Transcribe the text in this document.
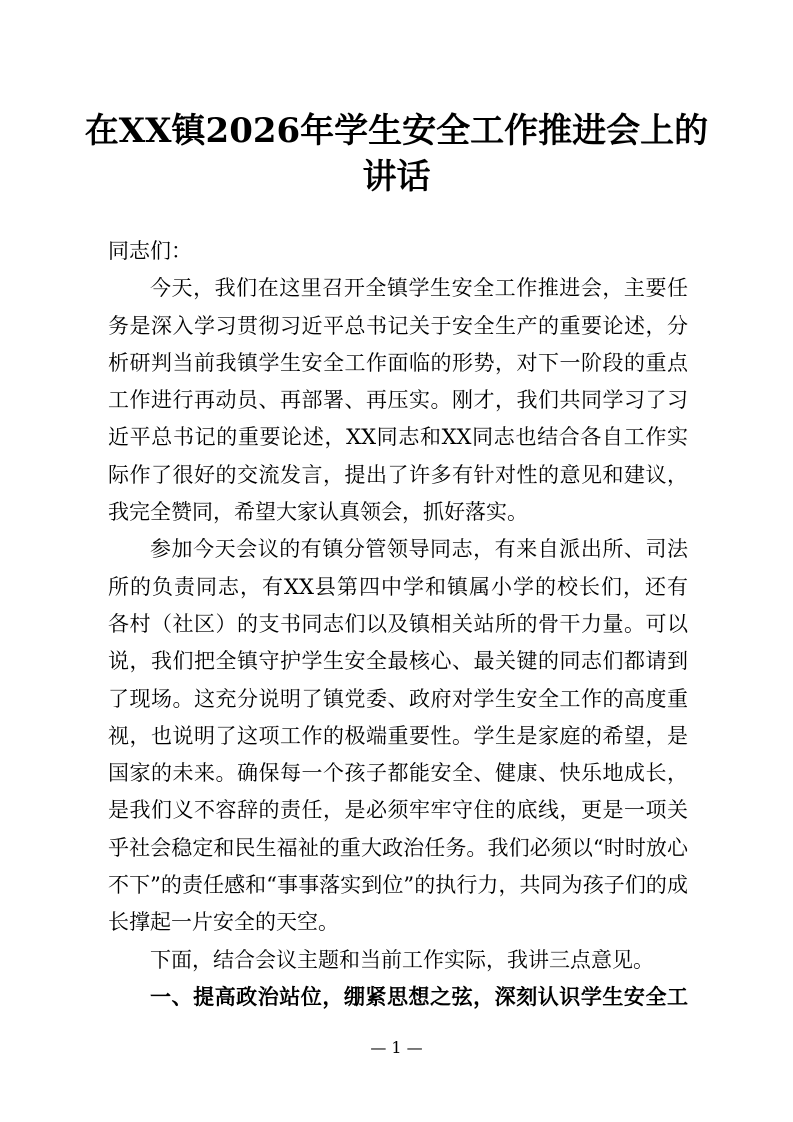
在XX镇2026年学生安全工作推进会上的
讲话

同志们：

今天，我们在这里召开全镇学生安全工作推进会，主要任
务是深入学习贯彻习近平总书记关于安全生产的重要论述，分
析研判当前我镇学生安全工作面临的形势，对下一阶段的重点
工作进行再动员、再部署、再压实。刚才，我们共同学习了习
近平总书记的重要论述，XX同志和XX同志也结合各自工作实
际作了很好的交流发言，提出了许多有针对性的意见和建议，
我完全赞同，希望大家认真领会，抓好落实。

参加今天会议的有镇分管领导同志，有来自派出所、司法
所的负责同志，有XX县第四中学和镇属小学的校长们，还有
各村（社区）的支书同志们以及镇相关站所的骨干力量。可以
说，我们把全镇守护学生安全最核心、最关键的同志们都请到
了现场。这充分说明了镇党委、政府对学生安全工作的高度重
视，也说明了这项工作的极端重要性。学生是家庭的希望，是
国家的未来。确保每一个孩子都能安全、健康、快乐地成长，
是我们义不容辞的责任，是必须牢牢守住的底线，更是一项关
乎社会稳定和民生福祉的重大政治任务。我们必须以“时时放心
不下”的责任感和“事事落实到位”的执行力，共同为孩子们的成
长撑起一片安全的天空。

下面，结合会议主题和当前工作实际，我讲三点意见。

一、提高政治站位，绷紧思想之弦，深刻认识学生安全工

— 1 —
